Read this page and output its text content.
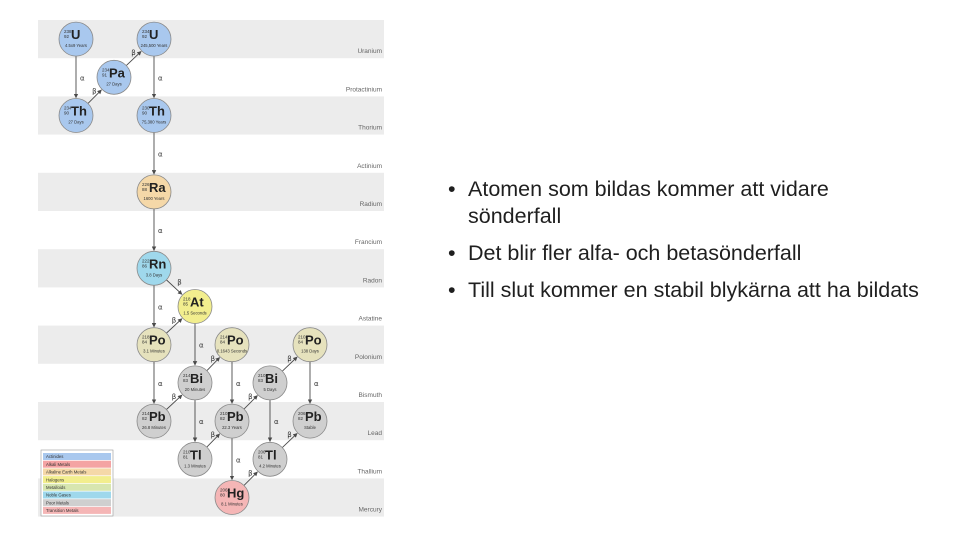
Uranium
Protactinium
Thorium
Actinium
Radium
Francium
Radon
Astatine
Polonium
Bismuth
Lead
Thallium
Mercury
α
β
β
α
α
α
α
β
β
α
α
β
β
α
β
α
β
α
β
β
α
β
α
238
92 U
4.5x9 Years
234
92 U
245,500 Years
234
91 Pa
27 Days
234
90 Th
27 Days
230
90 Th
75,380 Years
226
88 Ra
1600 Years
222
86 Rn
3.8 Days
218
85 At
1.5 Seconds
218
84 Po
3.1 Minutes
214
84 Po
0.1643 Seconds
210
84 Po
138 Days
214
83 Bi
20 Minutes
210
83 Bi
5 Days
214
82 Pb
26.8 Minutes
210
82 Pb
22.3 Years
206
82 Pb
Stable
210
81 Tl
1.3 Minutes
206
81 Tl
4.2 Minutes
206
80 Hg
8.1 Minutes
Actinides
Alkali Metals
Alkaline Earth Metals
Halogens
Metalloids
Noble Gases
Poor Metals
Transition Metals
• Atomen som bildas kommer att vidare sönderfall
• Det blir fler alfa- och betasönderfall
• Till slut kommer en stabil blykärna att ha bildats
